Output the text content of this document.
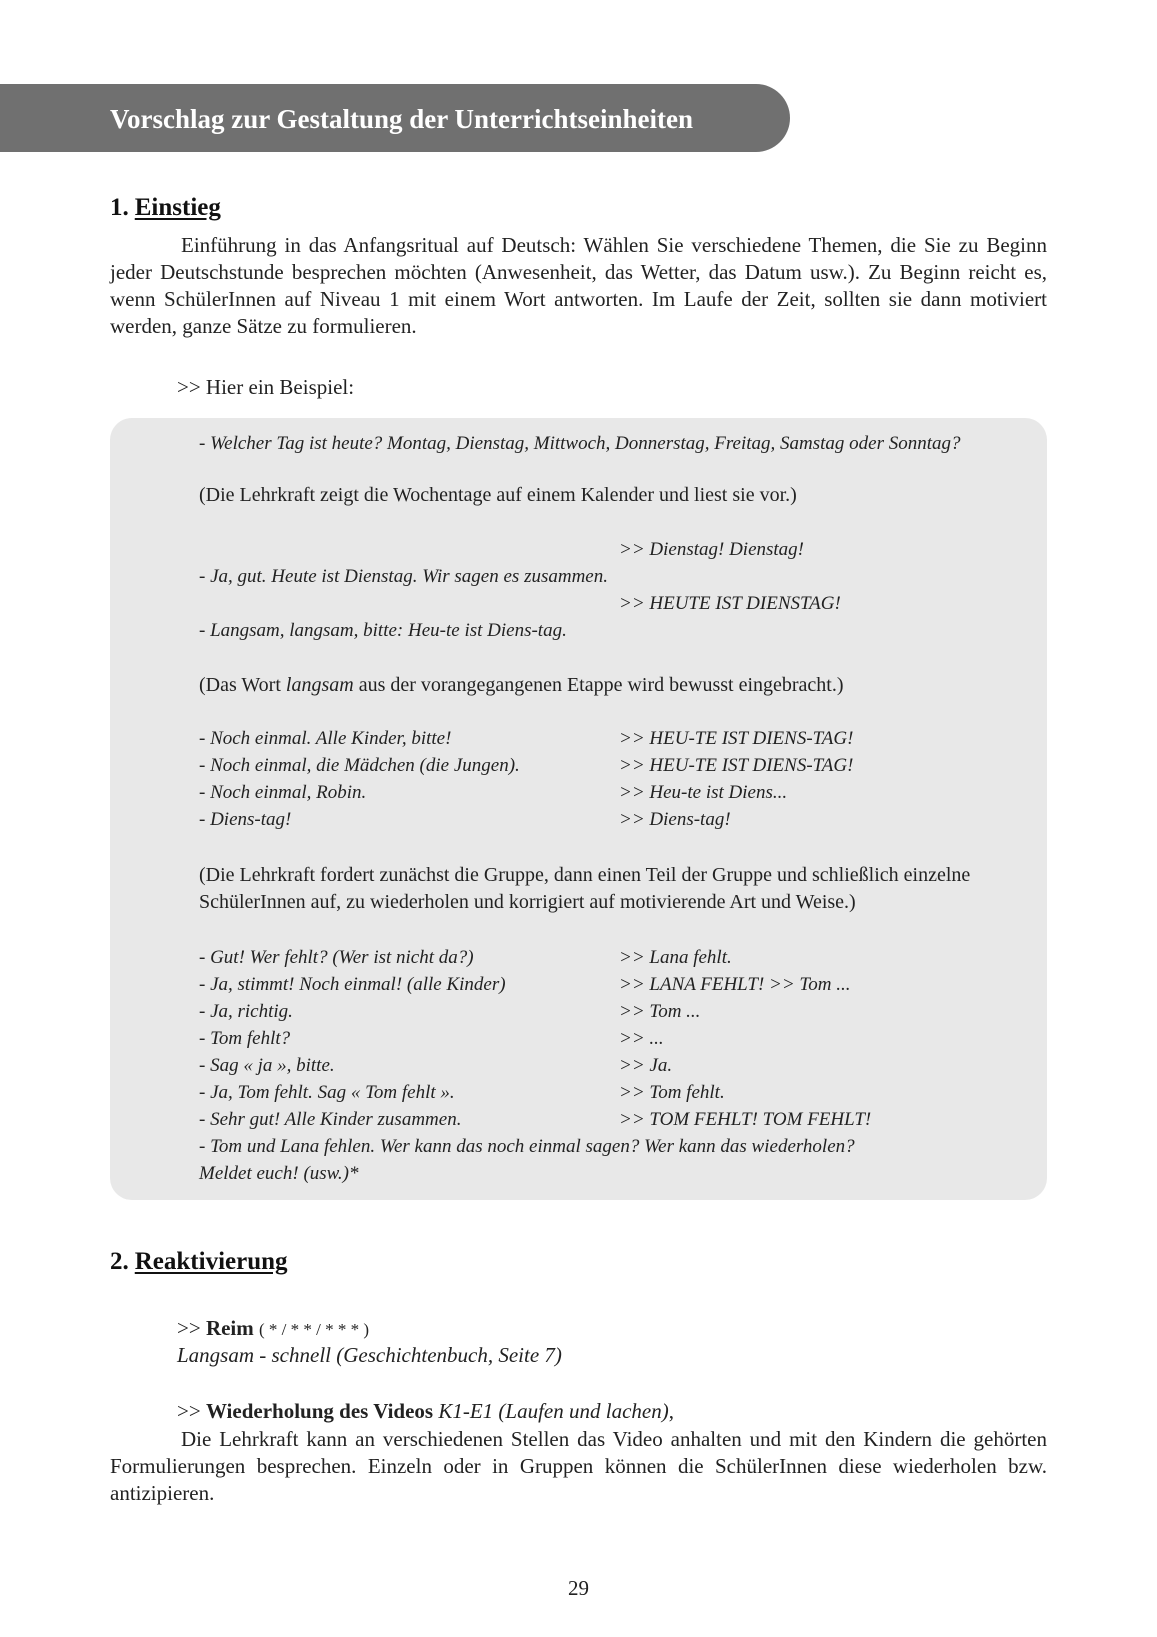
Vorschlag zur Gestaltung der Unterrichtseinheiten
1. Einstieg

Einführung in das Anfangsritual auf Deutsch: Wählen Sie verschiedene Themen, die Sie zu Beginn jeder Deutschstunde besprechen möchten (Anwesenheit, das Wetter, das Datum usw.). Zu Beginn reicht es, wenn SchülerInnen auf Niveau 1 mit einem Wort antworten. Im Laufe der Zeit, sollten sie dann motiviert werden, ganze Sätze zu formulieren.

>> Hier ein Beispiel:
- Welcher Tag ist heute? Montag, Dienstag, Mittwoch, Donnerstag, Freitag, Samstag oder Sonntag?
(Die Lehrkraft zeigt die Wochentage auf einem Kalender und liest sie vor.)
>> Dienstag! Dienstag!
- Ja, gut. Heute ist Dienstag. Wir sagen es zusammen.
>> HEUTE IST DIENSTAG!
- Langsam, langsam, bitte: Heu-te ist Diens-tag.
(Das Wort langsam aus der vorangegangenen Etappe wird bewusst eingebracht.)
- Noch einmal. Alle Kinder, bitte!	>> HEU-TE IST DIENS-TAG!
- Noch einmal, die Mädchen (die Jungen).	>> HEU-TE IST DIENS-TAG!
- Noch einmal, Robin.	>> Heu-te ist Diens...
- Diens-tag!	>> Diens-tag!
(Die Lehrkraft fordert zunächst die Gruppe, dann einen Teil der Gruppe und schließlich einzelne
SchülerInnen auf, zu wiederholen und korrigiert auf motivierende Art und Weise.)
- Gut! Wer fehlt? (Wer ist nicht da?)	>> Lana fehlt.
- Ja, stimmt! Noch einmal! (alle Kinder)	>> LANA FEHLT! >> Tom ...
- Ja, richtig.	>> Tom ...
- Tom fehlt?	>> ...
- Sag « ja », bitte.	>> Ja.
- Ja, Tom fehlt. Sag « Tom fehlt ».	>> Tom fehlt.
- Sehr gut! Alle Kinder zusammen.	>> TOM FEHLT! TOM FEHLT!
- Tom und Lana fehlen. Wer kann das noch einmal sagen? Wer kann das wiederholen?
Meldet euch! (usw.)*
2. Reaktivierung
>> Reim ( * / * * / * * * )
Langsam - schnell (Geschichtenbuch, Seite 7)
>> Wiederholung des Videos K1-E1 (Laufen und lachen),

Die Lehrkraft kann an verschiedenen Stellen das Video anhalten und mit den Kindern die gehörten Formulierungen besprechen. Einzeln oder in Gruppen können die SchülerInnen diese wiederholen bzw. antizipieren.

29
